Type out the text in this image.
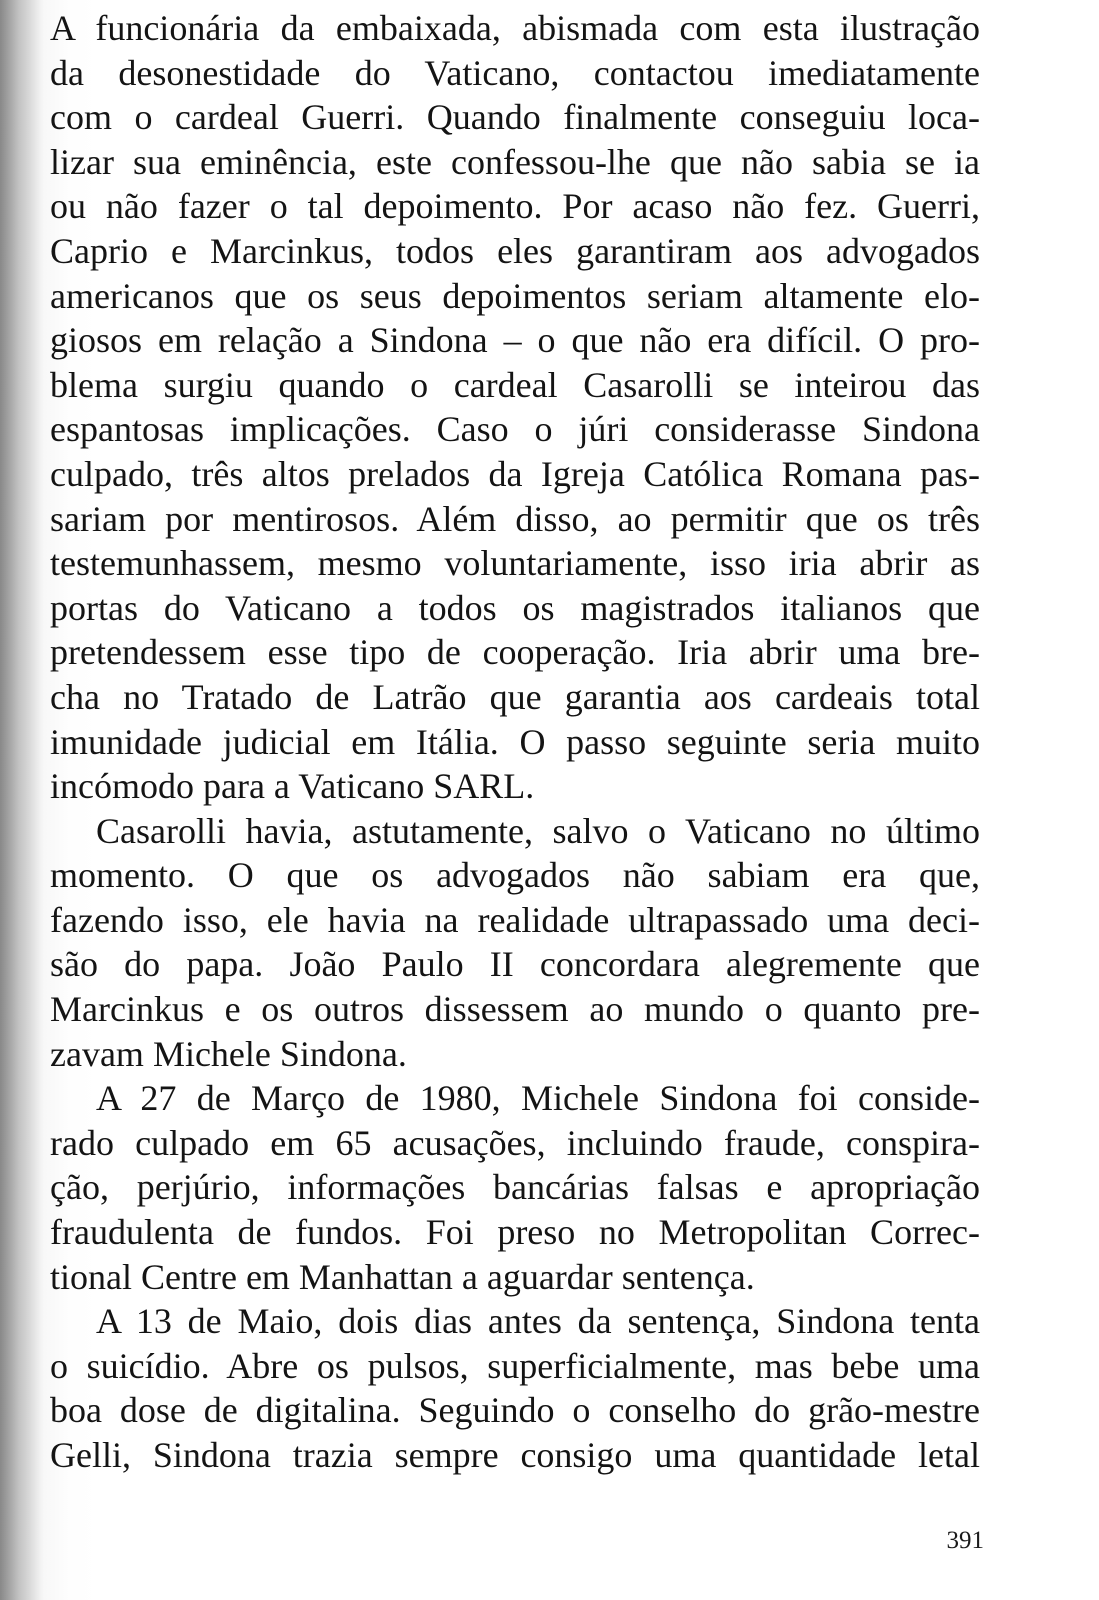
A funcionária da embaixada, abismada com esta ilustração
da desonestidade do Vaticano, contactou imediatamente
com o cardeal Guerri. Quando finalmente conseguiu loca-
lizar sua eminência, este confessou-lhe que não sabia se ia
ou não fazer o tal depoimento. Por acaso não fez. Guerri,
Caprio e Marcinkus, todos eles garantiram aos advogados
americanos que os seus depoimentos seriam altamente elo-
giosos em relação a Sindona – o que não era difícil. O pro-
blema surgiu quando o cardeal Casarolli se inteirou das
espantosas implicações. Caso o júri considerasse Sindona
culpado, três altos prelados da Igreja Católica Romana pas-
sariam por mentirosos. Além disso, ao permitir que os três
testemunhassem, mesmo voluntariamente, isso iria abrir as
portas do Vaticano a todos os magistrados italianos que
pretendessem esse tipo de cooperação. Iria abrir uma bre-
cha no Tratado de Latrão que garantia aos cardeais total
imunidade judicial em Itália. O passo seguinte seria muito
incómodo para a Vaticano SARL.
Casarolli havia, astutamente, salvo o Vaticano no último
momento. O que os advogados não sabiam era que,
fazendo isso, ele havia na realidade ultrapassado uma deci-
são do papa. João Paulo II concordara alegremente que
Marcinkus e os outros dissessem ao mundo o quanto pre-
zavam Michele Sindona.
A 27 de Março de 1980, Michele Sindona foi conside-
rado culpado em 65 acusações, incluindo fraude, conspira-
ção, perjúrio, informações bancárias falsas e apropriação
fraudulenta de fundos. Foi preso no Metropolitan Correc-
tional Centre em Manhattan a aguardar sentença.
A 13 de Maio, dois dias antes da sentença, Sindona tenta
o suicídio. Abre os pulsos, superficialmente, mas bebe uma
boa dose de digitalina. Seguindo o conselho do grão-mestre
Gelli, Sindona trazia sempre consigo uma quantidade letal
391
